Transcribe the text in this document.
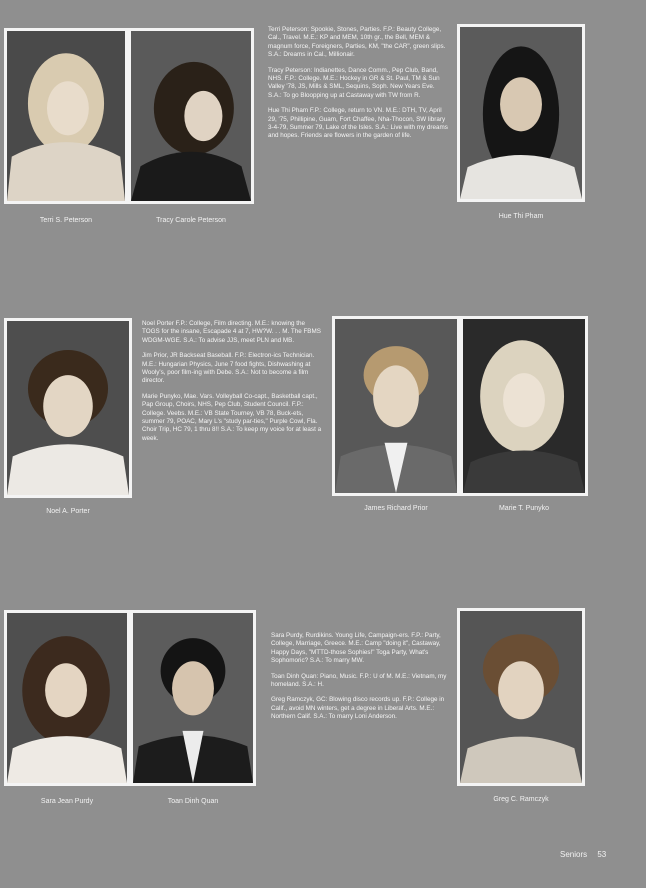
Terri Peterson: Spookie, Stones, Parties. F.P.: Beauty College, Cal., Travel. M.E.: KP and MEM, 10th gr., the Bell, MEM & magnum force, Foreigners, Parties, KM, "the CAR", green slips. S.A.: Dreams in Cal., Millionair.

Tracy Peterson: Indianettes, Dance Comm., Pep Club, Band, NHS. F.P.: College. M.E.: Hockey in GR & St. Paul, TM & Sun Valley '78, JS, Mills & SML, Sequins, Soph. New Years Eve. S.A.: To go Bloopping up at Castaway with TW from R.

Hue Thi Pham F.P.: College, return to VN. M.E.: DTH, TV, April 29, '75, Phillipine, Guam, Fort Chaffee, Nha-Thocon, SW library 3-4-79, Summer 79, Lake of the Isles. S.A.: Live with my dreams and hopes. Friends are flowers in the garden of life.

Terri S. Peterson	Tracy Carole Peterson
Hue Thi Pham

Noel Porter F.P.: College, Film directing. M.E.: knowing the TOGS for the insane, Escapade 4 at 7, HW?W. . . M. The FBMS WDGM-WGE. S.A.: To advise JJS, meet PLN and MB.

Jim Prior, JR Backseat Baseball. F.P.: Electron-ics Technician. M.E.: Hungarian Physics, June 7 food fights, Dishwashing at Wooly's, poor film-ing with Debe. S.A.: Not to become a film director.

Marie Punyko, Mae. Vars. Volleyball Co-capt., Basketball capt., Pap Group, Choirs, NHS, Pep Club, Student Council. F.P.: College. Veebs. M.E.: VB State Tourney, VB 78, Buck-ets, summer 79, POAC, Mary L's "study par-ties," Purple Cowl, Fla. Choir Trip, HC 79, 1 thru 8!! S.A.: To keep my voice for at least a week.

Noel A. Porter	James Richard Prior	Marie T. Punyko

Sara Purdy, Rurdikins. Young Life, Campaign-ers. F.P.: Party, College, Marriage, Greece. M.E.: Camp "doing it", Castaway, Happy Days, "MTTD-those Sophies!" Toga Party, What's Sophomoric? S.A.: To marry MW.

Toan Dinh Quan: Piano, Music. F.P.: U of M. M.E.: Vietnam, my homeland. S.A.: H.

Greg Ramczyk, GC: Blowing disco records up. F.P.: College in Calif., avoid MN winters, get a degree in Liberal Arts. M.E.: Northern Calif. S.A.: To marry Loni Anderson.

Sara Jean Purdy	Toan Dinh Quan	Greg C. Ramczyk
Seniors 53
